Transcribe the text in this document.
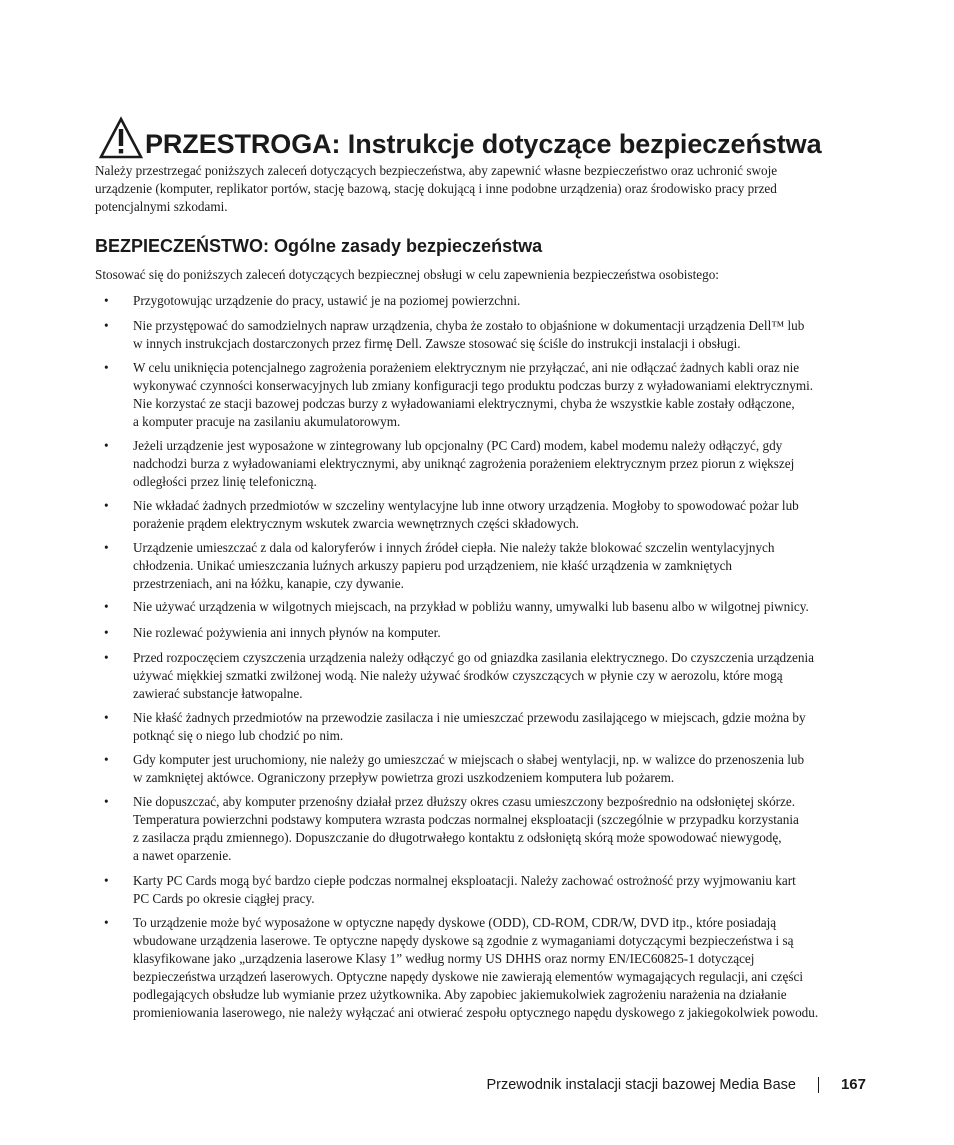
PRZESTROGA: Instrukcje dotyczące bezpieczeństwa

Należy przestrzegać poniższych zaleceń dotyczących bezpieczeństwa, aby zapewnić własne bezpieczeństwo oraz uchronić swoje
urządzenie (komputer, replikator portów, stację bazową, stację dokującą i inne podobne urządzenia) oraz środowisko pracy przed
potencjalnymi szkodami.

BEZPIECZEŃSTWO: Ogólne zasady bezpieczeństwa

Stosować się do poniższych zaleceń dotyczących bezpiecznej obsługi w celu zapewnienia bezpieczeństwa osobistego:

• Przygotowując urządzenie do pracy, ustawić je na poziomej powierzchni.
• Nie przystępować do samodzielnych napraw urządzenia, chyba że zostało to objaśnione w dokumentacji urządzenia Dell™ lub
w innych instrukcjach dostarczonych przez firmę Dell. Zawsze stosować się ściśle do instrukcji instalacji i obsługi.
• W celu uniknięcia potencjalnego zagrożenia porażeniem elektrycznym nie przyłączać, ani nie odłączać żadnych kabli oraz nie
wykonywać czynności konserwacyjnych lub zmiany konfiguracji tego produktu podczas burzy z wyładowaniami elektrycznymi.
Nie korzystać ze stacji bazowej podczas burzy z wyładowaniami elektrycznymi, chyba że wszystkie kable zostały odłączone,
a komputer pracuje na zasilaniu akumulatorowym.
• Jeżeli urządzenie jest wyposażone w zintegrowany lub opcjonalny (PC Card) modem, kabel modemu należy odłączyć, gdy
nadchodzi burza z wyładowaniami elektrycznymi, aby uniknąć zagrożenia porażeniem elektrycznym przez piorun z większej
odległości przez linię telefoniczną.
• Nie wkładać żadnych przedmiotów w szczeliny wentylacyjne lub inne otwory urządzenia. Mogłoby to spowodować pożar lub
porażenie prądem elektrycznym wskutek zwarcia wewnętrznych części składowych.
• Urządzenie umieszczać z dala od kaloryferów i innych źródeł ciepła. Nie należy także blokować szczelin wentylacyjnych
chłodzenia. Unikać umieszczania luźnych arkuszy papieru pod urządzeniem, nie kłaść urządzenia w zamkniętych
przestrzeniach, ani na łóżku, kanapie, czy dywanie.
• Nie używać urządzenia w wilgotnych miejscach, na przykład w pobliżu wanny, umywalki lub basenu albo w wilgotnej piwnicy.
• Nie rozlewać pożywienia ani innych płynów na komputer.
• Przed rozpoczęciem czyszczenia urządzenia należy odłączyć go od gniazdka zasilania elektrycznego. Do czyszczenia urządzenia
używać miękkiej szmatki zwilżonej wodą. Nie należy używać środków czyszczących w płynie czy w aerozolu, które mogą
zawierać substancje łatwopalne.
• Nie kłaść żadnych przedmiotów na przewodzie zasilacza i nie umieszczać przewodu zasilającego w miejscach, gdzie można by
potknąć się o niego lub chodzić po nim.
• Gdy komputer jest uruchomiony, nie należy go umieszczać w miejscach o słabej wentylacji, np. w walizce do przenoszenia lub
w zamkniętej aktówce. Ograniczony przepływ powietrza grozi uszkodzeniem komputera lub pożarem.
• Nie dopuszczać, aby komputer przenośny działał przez dłuższy okres czasu umieszczony bezpośrednio na odsłoniętej skórze.
Temperatura powierzchni podstawy komputera wzrasta podczas normalnej eksploatacji (szczególnie w przypadku korzystania
z zasilacza prądu zmiennego). Dopuszczanie do długotrwałego kontaktu z odsłoniętą skórą może spowodować niewygodę,
a nawet oparzenie.
• Karty PC Cards mogą być bardzo ciepłe podczas normalnej eksploatacji. Należy zachować ostrożność przy wyjmowaniu kart
PC Cards po okresie ciągłej pracy.
• To urządzenie może być wyposażone w optyczne napędy dyskowe (ODD), CD-ROM, CDR/W, DVD itp., które posiadają
wbudowane urządzenia laserowe. Te optyczne napędy dyskowe są zgodnie z wymaganiami dotyczącymi bezpieczeństwa i są
klasyfikowane jako „urządzenia laserowe Klasy 1” według normy US DHHS oraz normy EN/IEC60825-1 dotyczącej
bezpieczeństwa urządzeń laserowych. Optyczne napędy dyskowe nie zawierają elementów wymagających regulacji, ani części
podlegających obsłudze lub wymianie przez użytkownika. Aby zapobiec jakiemukolwiek zagrożeniu narażenia na działanie
promieniowania laserowego, nie należy wyłączać ani otwierać zespołu optycznego napędu dyskowego z jakiegokolwiek powodu.
Przewodnik instalacji stacji bazowej Media Base	167
